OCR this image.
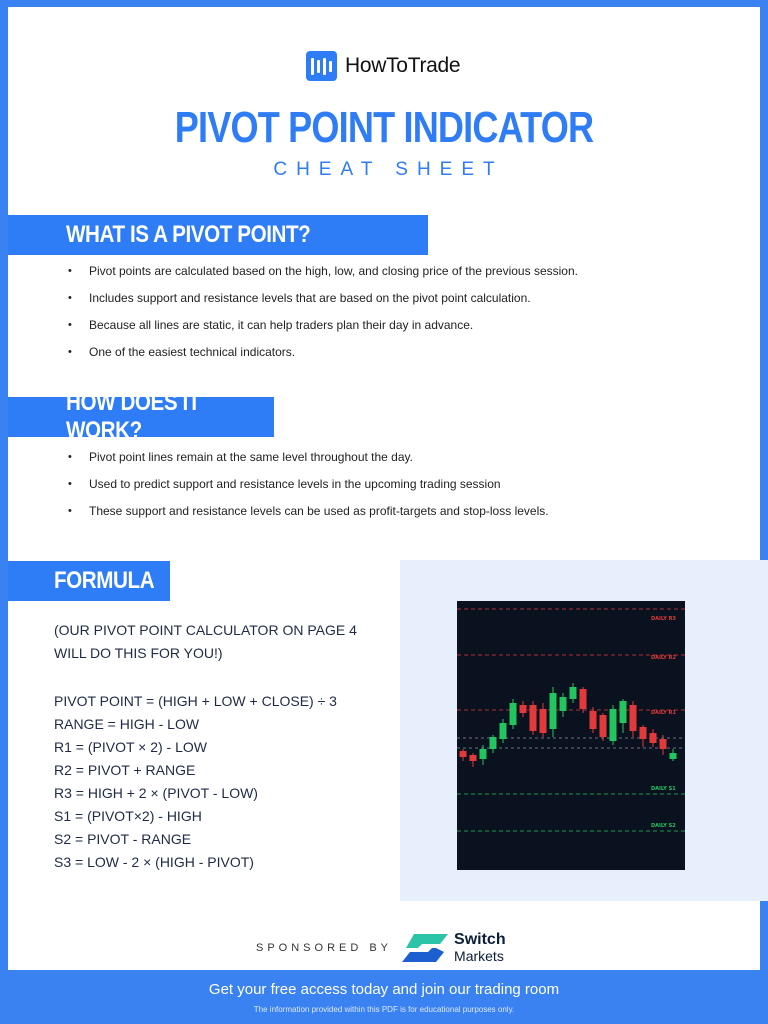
HowToTrade
PIVOT POINT INDICATOR
CHEAT SHEET
WHAT IS A PIVOT POINT?
• Pivot points are calculated based on the high, low, and closing price of the previous session.
• Includes support and resistance levels that are based on the pivot point calculation.
• Because all lines are static, it can help traders plan their day in advance.
• One of the easiest technical indicators.
HOW DOES IT WORK?
• Pivot point lines remain at the same level throughout the day.
• Used to predict support and resistance levels in the upcoming trading session
• These support and resistance levels can be used as profit-targets and stop-loss levels.
FORMULA
(OUR PIVOT POINT CALCULATOR ON PAGE 4
WILL DO THIS FOR YOU!)
PIVOT POINT = (HIGH + LOW + CLOSE) ÷ 3
RANGE = HIGH - LOW
R1 = (PIVOT × 2) - LOW
R2 = PIVOT + RANGE
R3 = HIGH + 2 × (PIVOT - LOW)
S1 = (PIVOT×2) - HIGH
S2 = PIVOT - RANGE
S3 = LOW - 2 × (HIGH - PIVOT)
DAILY R3
DAILY R2
DAILY R1
DAILY S1
DAILY S2
SPONSORED BY	Switch
Markets
Get your free access today and join our trading room
The information provided within this PDF is for educational purposes only.
